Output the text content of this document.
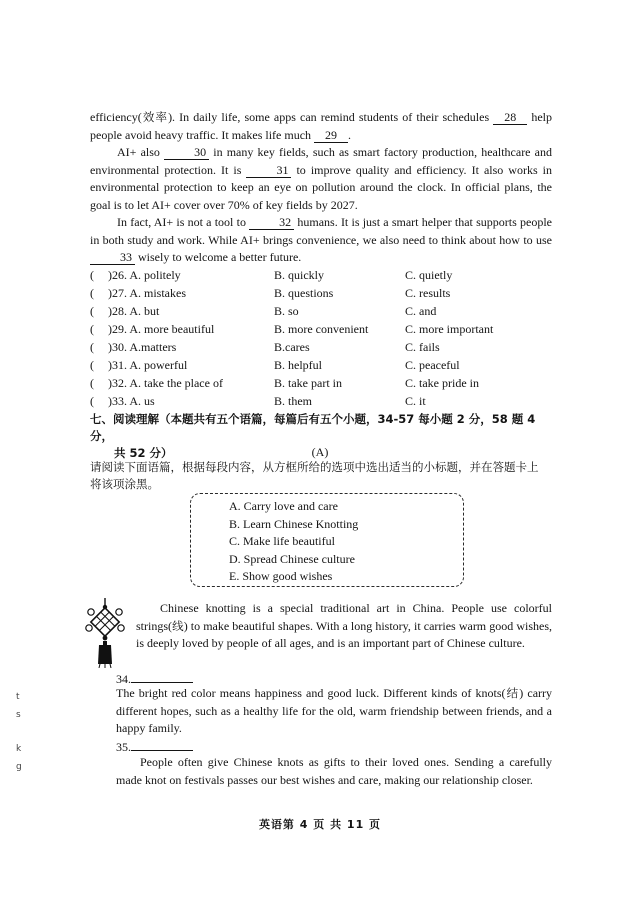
efficiency(效率). In daily life, some apps can remind students of their schedules 28 help people avoid heavy traffic. It makes life much 29 .

AI+ also	30 in many key fields, such as smart factory production, healthcare and environmental protection. It is	31 to improve quality and efficiency. It also works in environmental protection to keep an eye on pollution around the clock. In official plans, the goal is to let AI+ cover over 70% of key fields by 2027.

In fact, AI+ is not a tool to	32 humans. It is just a smart helper that supports people in both study and work. While AI+ brings convenience, we also need to think about how to use 33 wisely to welcome a better future.

( )26. A. politely	B. quickly	C. quietly
( )27. A. mistakes	B. questions	C. results
( )28. A. but	B. so	C. and
( )29. A. more beautiful	B. more convenient	C. more important
( )30. A.matters	B.cares	C. fails
( )31. A. powerful	B. helpful	C. peaceful
( )32. A. take the place of	B. take part in	C. take pride in
( )33. A. us	B. them	C. it
七、阅读理解（本题共有五个语篇，每篇后有五个小题，34-57 每小题 2 分，58 题 4 分，
共 52 分）	(A)
请阅读下面语篇，根据每段内容，从方框所给的选项中选出适当的小标题，并在答题卡上
将该项涂黑。
A. Carry love and care
B. Learn Chinese Knotting
C. Make life beautiful
D. Spread Chinese culture
E. Show good wishes

Chinese knotting is a special traditional art in China. People use colorful strings(线) to make beautiful shapes. With a long history, it carries warm good wishes, is deeply loved by people of all ages, and is an important part of Chinese culture.

34.

The bright red color means happiness and good luck. Different kinds of knots(结) carry different hopes, such as a healthy life for the old, warm friendship between friends, and a happy family.

35.

People often give Chinese knots as gifts to their loved ones. Sending a carefully made knot on festivals passes our best wishes and care, making our relationship closer.

t
s
k
g
英语第 4 页 共 11 页
